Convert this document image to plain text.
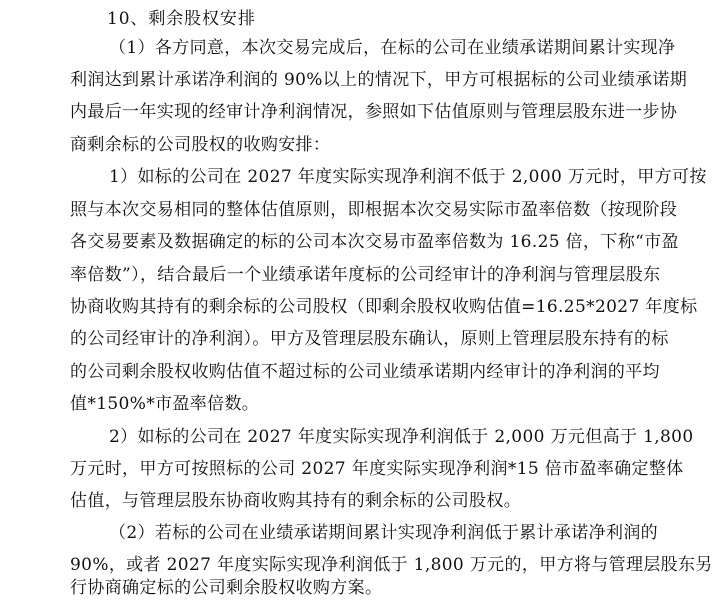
10、剩余股权安排
（1）各方同意，本次交易完成后，在标的公司在业绩承诺期间累计实现净
利润达到累计承诺净利润的 90%以上的情况下，甲方可根据标的公司业绩承诺期
内最后一年实现的经审计净利润情况，参照如下估值原则与管理层股东进一步协
商剩余标的公司股权的收购安排：
1）如标的公司在 2027 年度实际实现净利润不低于 2,000 万元时，甲方可按
照与本次交易相同的整体估值原则，即根据本次交易实际市盈率倍数（按现阶段
各交易要素及数据确定的标的公司本次交易市盈率倍数为 16.25 倍，下称“市盈
率倍数”），结合最后一个业绩承诺年度标的公司经审计的净利润与管理层股东
协商收购其持有的剩余标的公司股权（即剩余股权收购估值=16.25*2027 年度标
的公司经审计的净利润）。甲方及管理层股东确认，原则上管理层股东持有的标
的公司剩余股权收购估值不超过标的公司业绩承诺期内经审计的净利润的平均
值*150%*市盈率倍数。
2）如标的公司在 2027 年度实际实现净利润低于 2,000 万元但高于 1,800
万元时，甲方可按照标的公司 2027 年度实际实现净利润*15 倍市盈率确定整体
估值，与管理层股东协商收购其持有的剩余标的公司股权。
（2）若标的公司在业绩承诺期间累计实现净利润低于累计承诺净利润的
90%，或者 2027 年度实际实现净利润低于 1,800 万元的，甲方将与管理层股东另
行协商确定标的公司剩余股权收购方案。
